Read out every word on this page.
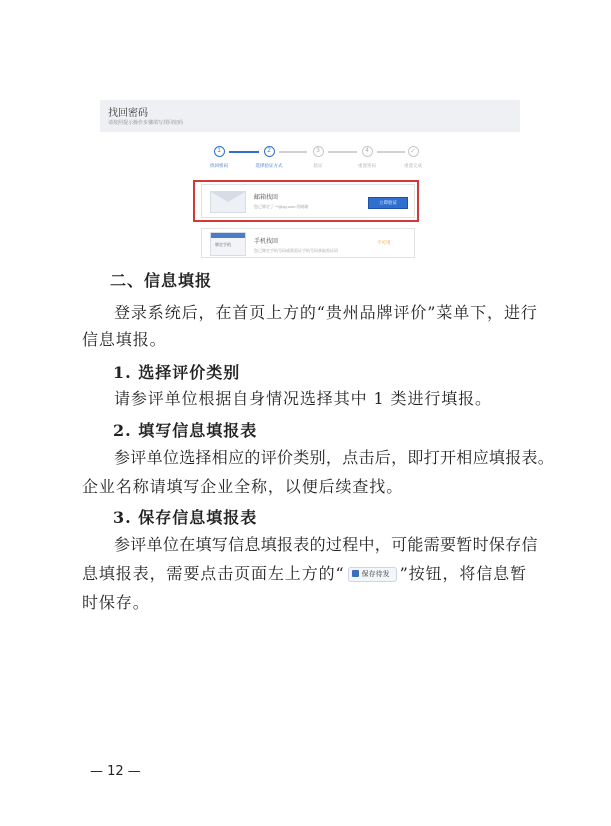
找回密码
请按照提示操作步骤填写找回密码
1
找回密码
2
选择验证方式
3
验证
4
重置密码
✓
重置完成
邮箱找回
您已绑定了 **@qq.com 的邮箱
立即验证
绑定手机	手机找回
您已绑定手机号码或需验证手机号码获取验证码
不可用
二、信息填报
登录系统后，在首页上方的“贵州品牌评价”菜单下，进行
信息填报。
1. 选择评价类别
请参评单位根据自身情况选择其中 1 类进行填报。
2. 填写信息填报表
参评单位选择相应的评价类别，点击后，即打开相应填报表。
企业名称请填写企业全称，以便后续查找。
3. 保存信息填报表
参评单位在填写信息填报表的过程中，可能需要暂时保存信
息填报表，需要点击页面左上方的“ 保存待发 ”按钮，将信息暂
时保存。
— 12 —
